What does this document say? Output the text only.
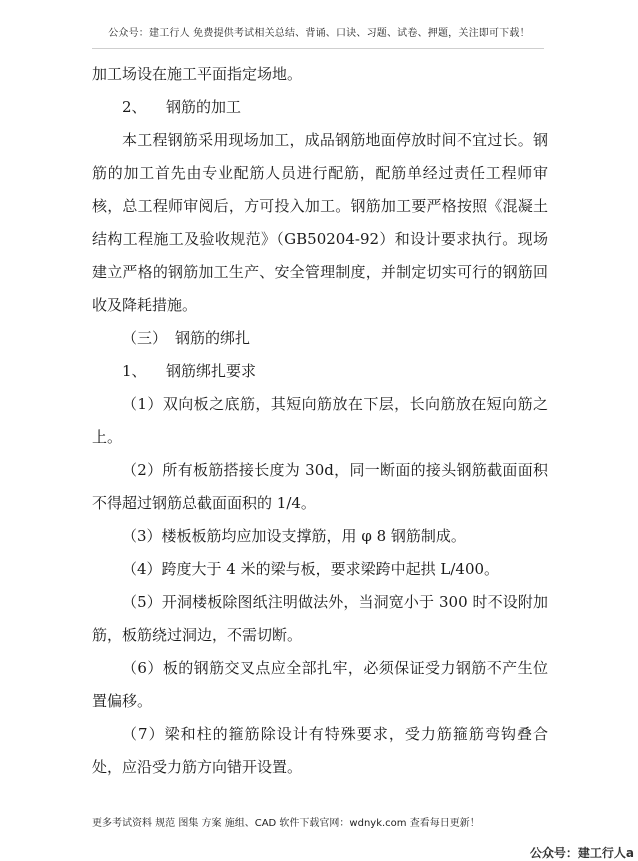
公众号：建工行人 免费提供考试相关总结、背诵、口诀、习题、试卷、押题，关注即可下载！

加工场设在施工平面指定场地。

2、 钢筋的加工

本工程钢筋采用现场加工，成品钢筋地面停放时间不宜过长。钢筋的加工首先由专业配筋人员进行配筋，配筋单经过责任工程师审核，总工程师审阅后，方可投入加工。钢筋加工要严格按照《混凝土结构工程施工及验收规范》（GB50204-92）和设计要求执行。现场建立严格的钢筋加工生产、安全管理制度，并制定切实可行的钢筋回收及降耗措施。

（三） 钢筋的绑扎

1、 钢筋绑扎要求

（1）双向板之底筋，其短向筋放在下层，长向筋放在短向筋之上。

（2）所有板筋搭接长度为 30d，同一断面的接头钢筋截面面积不得超过钢筋总截面面积的 1/4。

（3）楼板板筋均应加设支撑筋，用 φ 8 钢筋制成。

（4）跨度大于 4 米的梁与板，要求梁跨中起拱 L/400。

（5）开洞楼板除图纸注明做法外，当洞宽小于 300 时不设附加筋，板筋绕过洞边，不需切断。

（6）板的钢筋交叉点应全部扎牢，必须保证受力钢筋不产生位置偏移。

（7）梁和柱的箍筋除设计有特殊要求，受力筋箍筋弯钩叠合处，应沿受力筋方向错开设置。

更多考试资料 规范 图集 方案 施组、CAD 软件下载官网：wdnyk.com 查看每日更新！
公众号：建工行人a
